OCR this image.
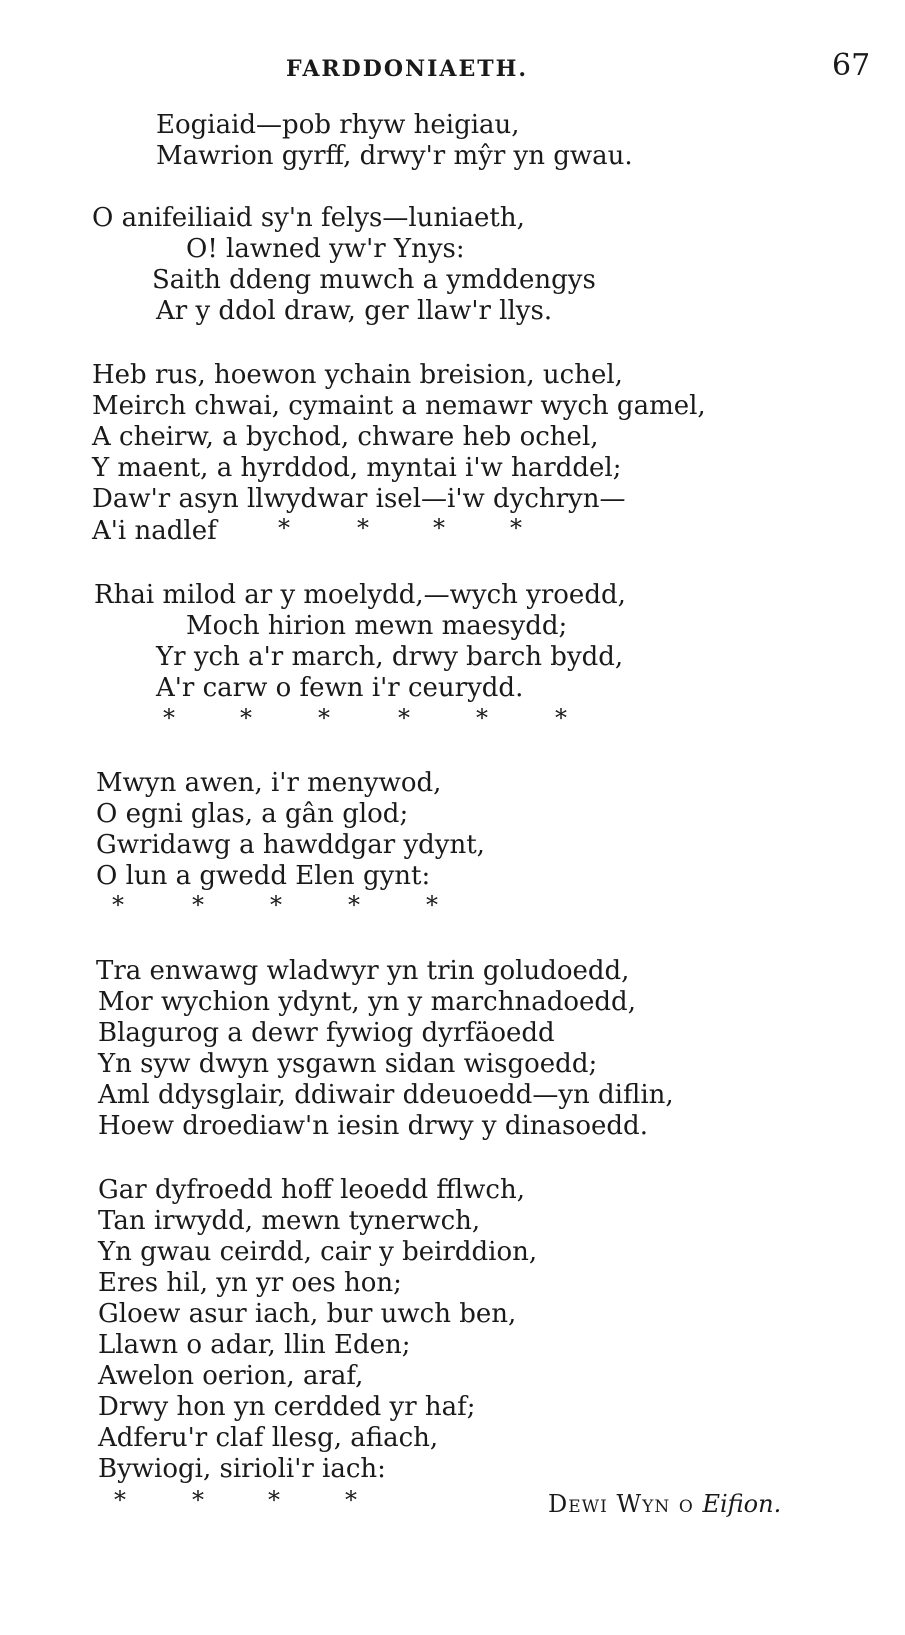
FARDDONIAETH.	67
Eogiaid—pob rhyw heigiau,
Mawrion gyrff, drwy'r mŷr yn gwau.
O anifeiliaid sy'n felys—luniaeth,
O! lawned yw'r Ynys:
Saith ddeng muwch a ymddengys
Ar y ddol draw, ger llaw'r llys.
Heb rus, hoewon ychain breision, uchel,
Meirch chwai, cymaint a nemawr wych gamel,
A cheirw, a bychod, chware heb ochel,
Y maent, a hyrddod, myntai i'w harddel;
Daw'r asyn llwydwar isel—i'w dychryn—
A'i nadlef	*	*	*	*
Rhai milod ar y moelydd,—wych yroedd,
Moch hirion mewn maesydd;
Yr ych a'r march, drwy barch bydd,
A'r carw o fewn i'r ceurydd.
*	*	*	*	*	*
Mwyn awen, i'r menywod,
O egni glas, a gân glod;
Gwridawg a hawddgar ydynt,
O lun a gwedd Elen gynt:
*	*	*	*	*
Tra enwawg wladwyr yn trin goludoedd,
Mor wychion ydynt, yn y marchnadoedd,
Blagurog a dewr fywiog dyrfäoedd
Yn syw dwyn ysgawn sidan wisgoedd;
Aml ddysglair, ddiwair ddeuoedd—yn diflin,
Hoew droediaw'n iesin drwy y dinasoedd.
Gar dyfroedd hoff leoedd fflwch,
Tan irwydd, mewn tynerwch,
Yn gwau ceirdd, cair y beirddion,
Eres hil, yn yr oes hon;
Gloew asur iach, bur uwch ben,
Llawn o adar, llin Eden;
Awelon oerion, araf,
Drwy hon yn cerdded yr haf;
Adferu'r claf llesg, afiach,
Bywiogi, sirioli'r iach:
*	*	*	*	Dewi Wyn o Eifion.
